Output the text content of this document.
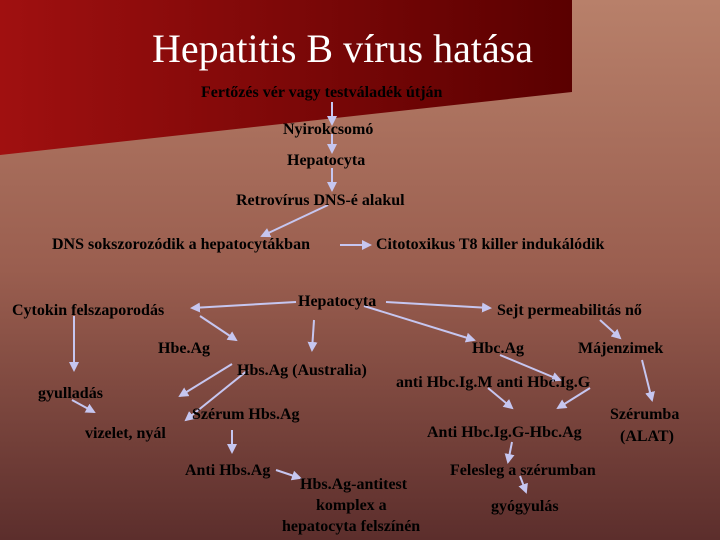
Hepatitis B vírus hatása
Fertőzés vér vagy testváladék útján
Nyirokcsomó
Hepatocyta
Retrovírus DNS-é alakul
DNS sokszorozódik a hepatocytákban	Citotoxikus T8 killer indukálódik
Hepatocyta
Cytokin felszaporodás	Sejt permeabilitás nő
Hbe.Ag	Hbc.Ag	Májenzimek
Hbs.Ag (Australia)
anti Hbc.Ig.M anti Hbc.Ig.G
gyulladás
Szérum Hbs.Ag	Szérumba
(ALAT)
vizelet, nyál	Anti Hbc.Ig.G-Hbc.Ag
Anti Hbs.Ag	Felesleg a szérumban
Hbs.Ag-antitest
komplex a
hepatocyta felszínén
gyógyulás
